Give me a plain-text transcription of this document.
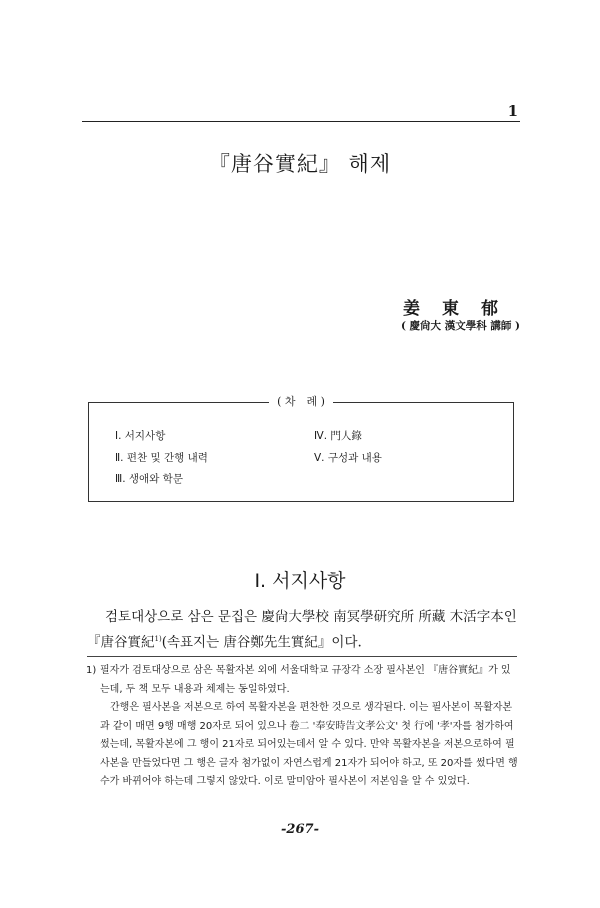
1
『唐谷實紀』 해제
姜東郁
( 慶尙大 漢文學科 講師 )
( 차　례 )
Ⅰ. 서지사항
Ⅱ. 편찬 및 간행 내력
Ⅲ. 생애와 학문
Ⅳ. 門人錄
Ⅴ. 구성과 내용
Ⅰ. 서지사항
검토대상으로 삼은 문집은 慶尙大學校 南冥學研究所 所藏 木活字本인 『唐谷實紀$^{1)}$(속표지는 唐谷鄭先生實紀』이다.
1) 필자가 검토대상으로 삼은 목활자본 외에 서울대학교 규장각 소장 필사본인 『唐谷實紀』가 있는데, 두 책 모두 내용과 체제는 동일하였다.
간행은 필사본을 저본으로 하여 목활자본을 편찬한 것으로 생각된다. 이는 필사본이 목활자본과 같이 매면 9행 매행 20자로 되어 있으나 卷二 '奉安時告文孝公文' 첫 行에 '孝'자를 첨가하여 썼는데, 목활자본에 그 행이 21자로 되어있는데서 알 수 있다. 만약 목활자본을 저본으로하여 필사본을 만들었다면 그 행은 글자 첨가없이 자연스럽게 21자가 되어야 하고, 또 20자를 썼다면 행수가 바뀌어야 하는데 그렇지 않았다. 이로 말미암아 필사본이 저본임을 알 수 있었다.
-267-
